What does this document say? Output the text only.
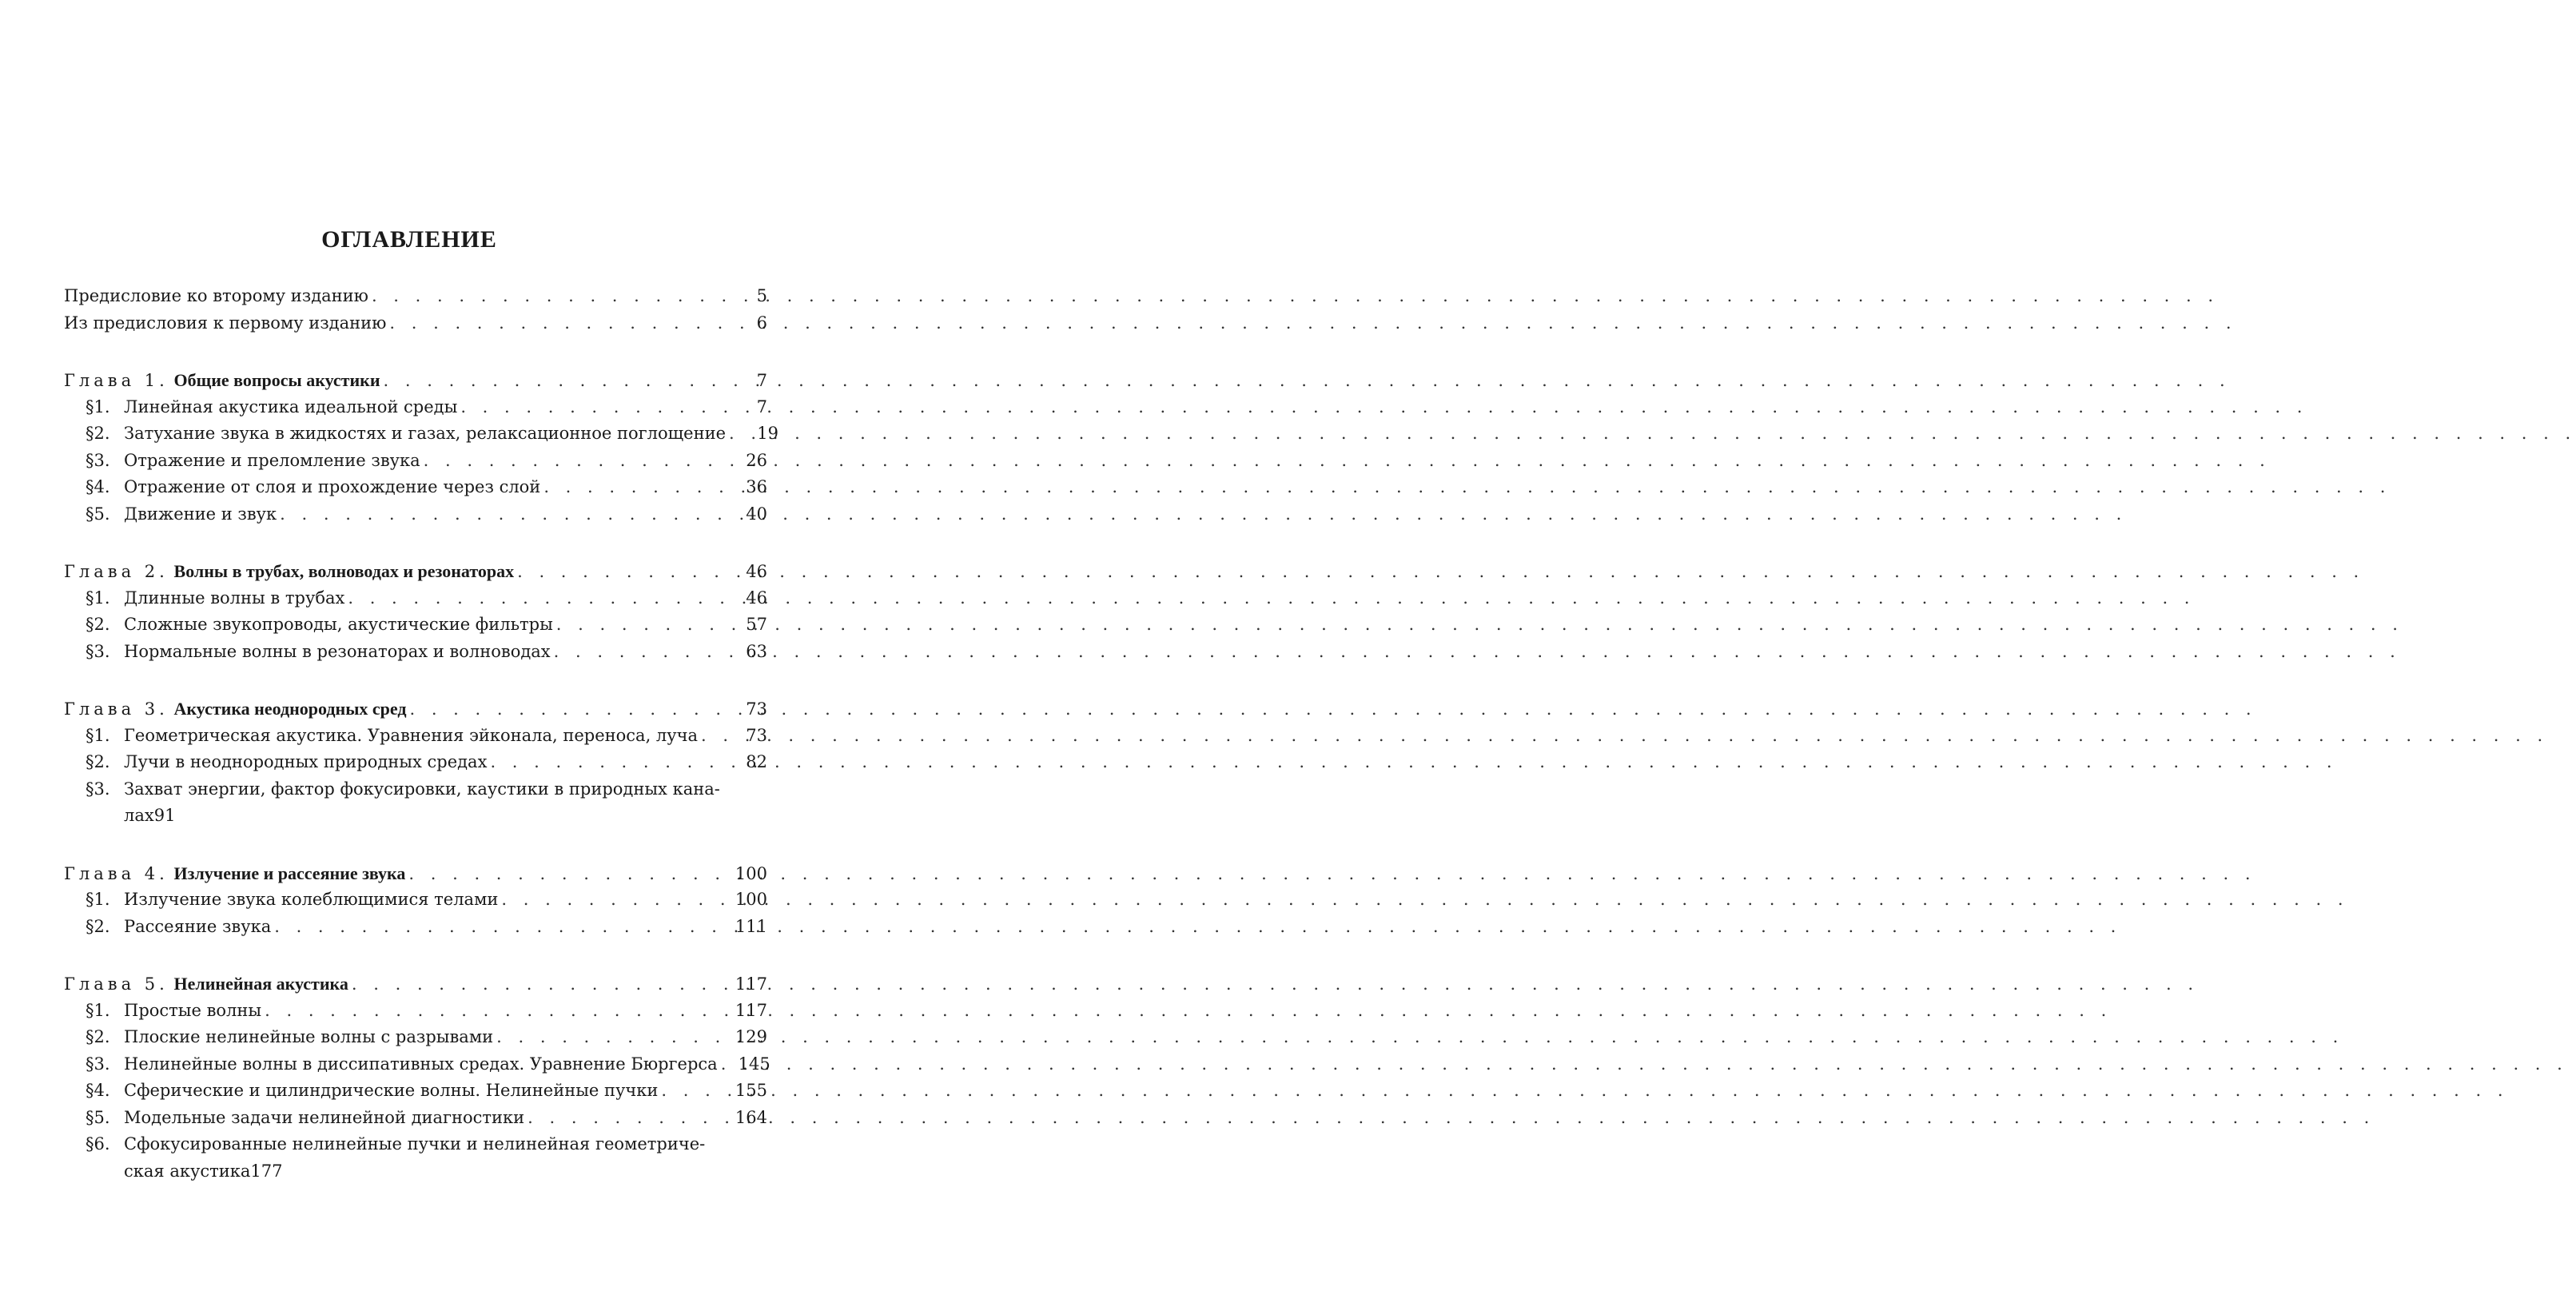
ОГЛАВЛЕНИЕ
Предисловие ко второму изданию . . .	5
Из предисловия к первому изданию . . .	6
Глава 1. Общие вопросы акустики . . .	7
§1. Линейная акустика идеальной среды . . .	7
§2. Затухание звука в жидкостях и газах, релаксационное поглощение . . .	19
§3. Отражение и преломление звука . . .	26
§4. Отражение от слоя и прохождение через слой . . .	36
§5. Движение и звук . . .	40
Глава 2. Волны в трубах, волноводах и резонаторах . . .	46
§1. Длинные волны в трубах . . .	46
§2. Сложные звукопроводы, акустические фильтры . . .	57
§3. Нормальные волны в резонаторах и волноводах . . .	63
Глава 3. Акустика неоднородных сред . . .	73
§1. Геометрическая акустика. Уравнения эйконала, переноса, луча . . .	73
§2. Лучи в неоднородных природных средах . . .	82
§3. Захват энергии, фактор фокусировки, каустики в природных кана-
лах 91
Глава 4. Излучение и рассеяние звука . . .	100
§1. Излучение звука колеблющимися телами . . .	100
§2. Рассеяние звука . . .	111
Глава 5. Нелинейная акустика . . .	117
§1. Простые волны . . .	117
§2. Плоские нелинейные волны с разрывами . . .	129
§3. Нелинейные волны в диссипативных средах. Уравнение Бюргерса . . .	145
§4. Сферические и цилиндрические волны. Нелинейные пучки . . .	155
§5. Модельные задачи нелинейной диагностики . . .	164
§6. Сфокусированные нелинейные пучки и нелинейная геометриче-
ская акустика 177
